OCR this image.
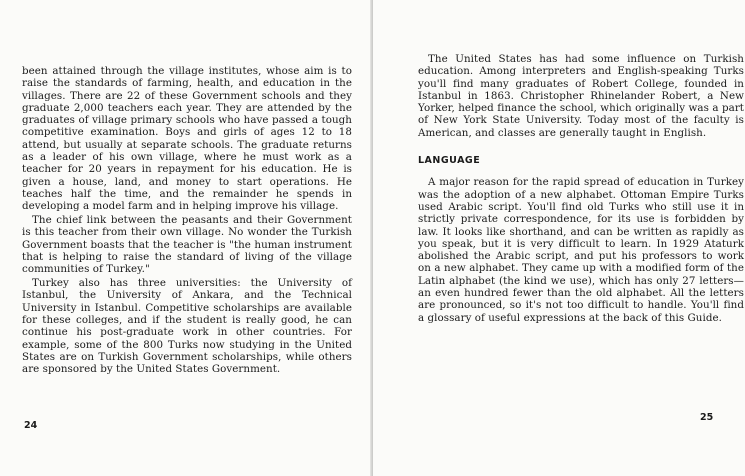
been attained through the village institutes, whose aim is to raise the standards of farming, health, and education in the villages. There are 22 of these Government schools and they graduate 2,000 teachers each year. They are attended by the graduates of village primary schools who have passed a tough competitive examination. Boys and girls of ages 12 to 18 attend, but usually at separate schools. The graduate returns as a leader of his own village, where he must work as a teacher for 20 years in repayment for his education. He is given a house, land, and money to start operations. He teaches half the time, and the remainder he spends in developing a model farm and in helping improve his village.

The chief link between the peasants and their Government is this teacher from their own village. No wonder the Turkish Government boasts that the teacher is "the human instrument that is helping to raise the standard of living of the village communities of Turkey."

Turkey also has three universities: the University of Istanbul, the University of Ankara, and the Technical University in Istanbul. Competitive scholarships are available for these colleges, and if the student is really good, he can continue his post-graduate work in other countries. For example, some of the 800 Turks now studying in the United States are on Turkish Government scholarships, while others are sponsored by the United States Government.

24

The United States has had some influence on Turkish education. Among interpreters and English-speaking Turks you'll find many graduates of Robert College, founded in Istanbul in 1863. Christopher Rhinelander Robert, a New Yorker, helped finance the school, which originally was a part of New York State University. Today most of the faculty is American, and classes are generally taught in English.

LANGUAGE

A major reason for the rapid spread of education in Turkey was the adoption of a new alphabet. Ottoman Empire Turks used Arabic script. You'll find old Turks who still use it in strictly private correspondence, for its use is forbidden by law. It looks like shorthand, and can be written as rapidly as you speak, but it is very difficult to learn. In 1929 Ataturk abolished the Arabic script, and put his professors to work on a new alphabet. They came up with a modified form of the Latin alphabet (the kind we use), which has only 27 letters—an even hundred fewer than the old alphabet. All the letters are pronounced, so it's not too difficult to handle. You'll find a glossary of useful expressions at the back of this Guide.

25
